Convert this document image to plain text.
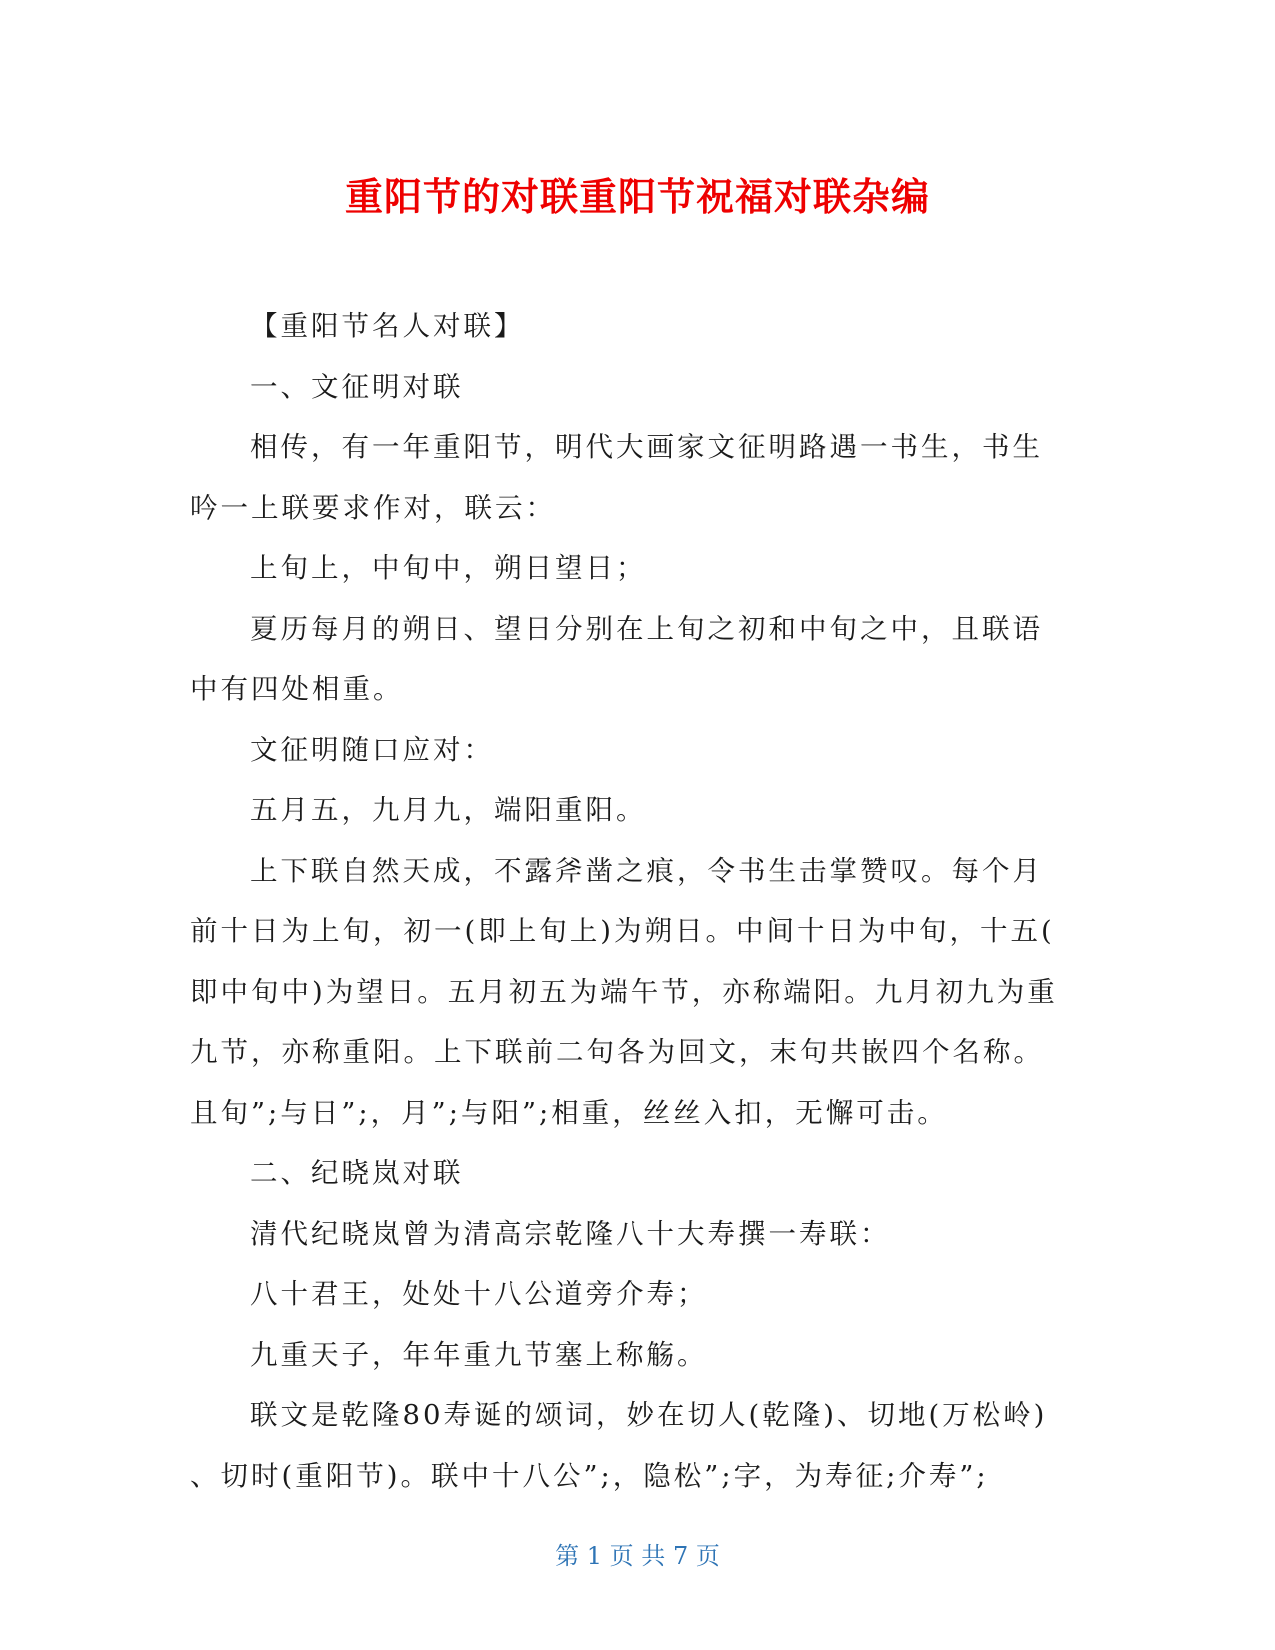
重阳节的对联重阳节祝福对联杂编

【重阳节名人对联】

一、文征明对联

相传，有一年重阳节，明代大画家文征明路遇一书生，书生

吟一上联要求作对，联云：

上旬上，中旬中，朔日望日；

夏历每月的朔日、望日分别在上旬之初和中旬之中，且联语

中有四处相重。

文征明随口应对：

五月五，九月九，端阳重阳。

上下联自然天成，不露斧凿之痕，令书生击掌赞叹。每个月

前十日为上旬，初一(即上旬上)为朔日。中间十日为中旬，十五(

即中旬中)为望日。五月初五为端午节，亦称端阳。九月初九为重

九节，亦称重阳。上下联前二句各为回文，末句共嵌四个名称。

且旬”;与日”;，月”;与阳”;相重，丝丝入扣，无懈可击。

二、纪晓岚对联

清代纪晓岚曾为清高宗乾隆八十大寿撰一寿联：

八十君王，处处十八公道旁介寿；

九重天子，年年重九节塞上称觞。

联文是乾隆80寿诞的颂词，妙在切人(乾隆)、切地(万松岭)

、切时(重阳节)。联中十八公”;，隐松”;字，为寿征;介寿”;

第 1 页 共 7 页
